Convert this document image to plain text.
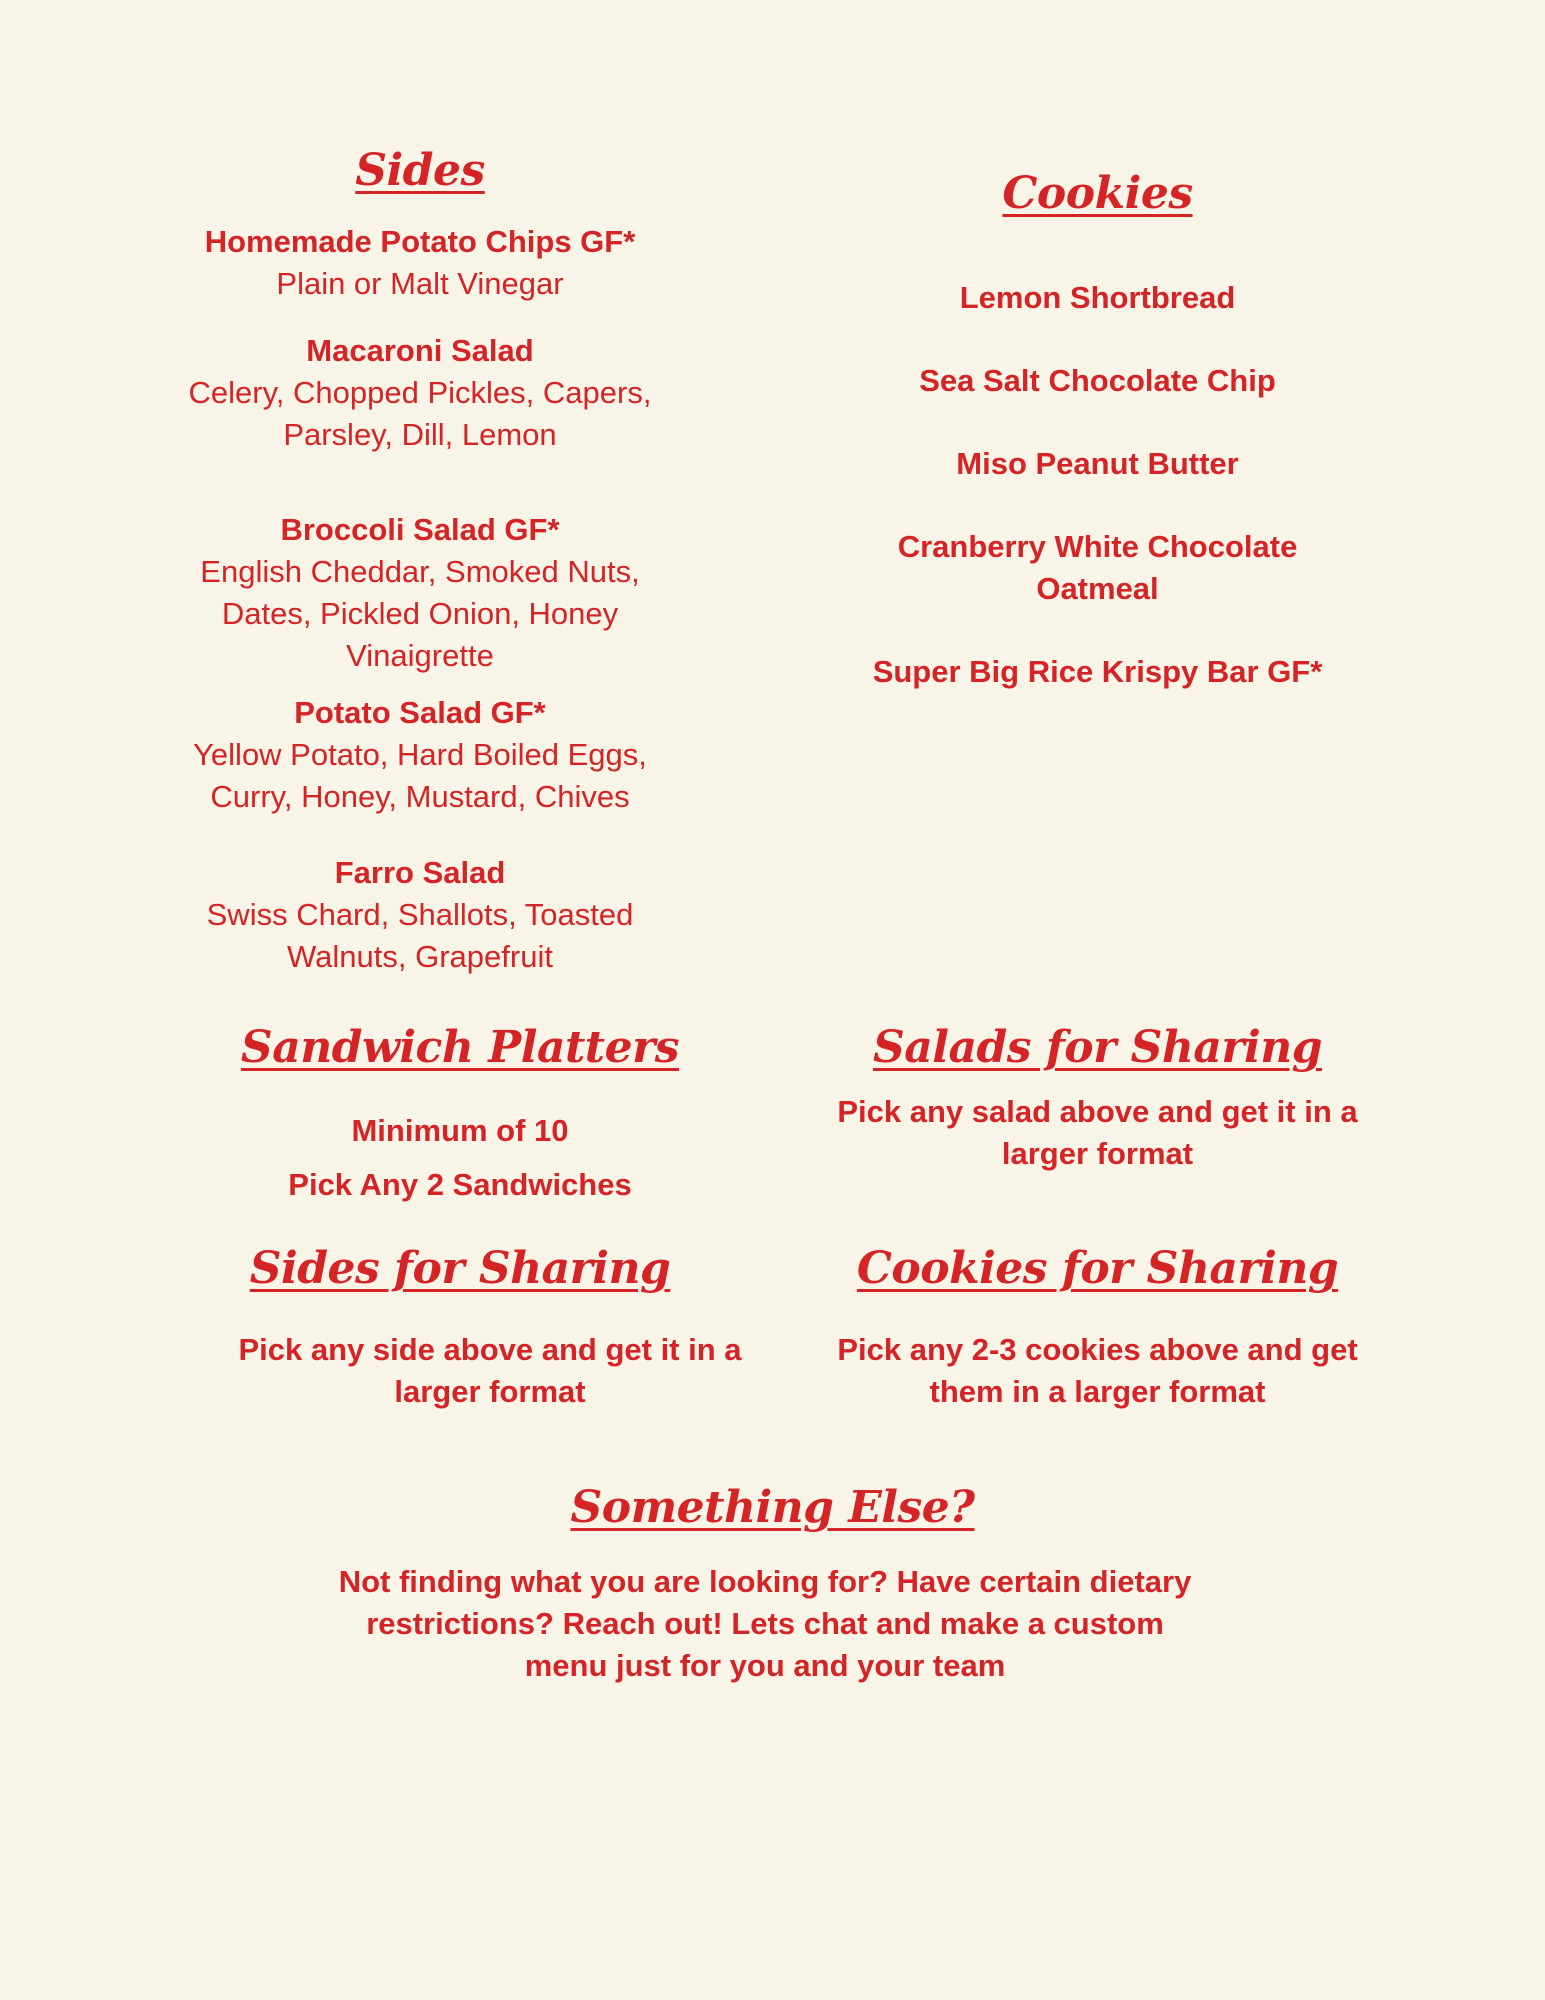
Sides
Homemade Potato Chips GF*
Plain or Malt Vinegar
Macaroni Salad
Celery, Chopped Pickles, Capers, Parsley, Dill, Lemon
Broccoli Salad GF*
English Cheddar, Smoked Nuts, Dates, Pickled Onion, Honey Vinaigrette
Potato Salad GF*
Yellow Potato, Hard Boiled Eggs, Curry, Honey, Mustard, Chives
Farro Salad
Swiss Chard, Shallots, Toasted Walnuts, Grapefruit
Cookies

Lemon Shortbread

Sea Salt Chocolate Chip

Miso Peanut Butter

Cranberry White Chocolate Oatmeal

Super Big Rice Krispy Bar GF*

Sandwich Platters

Minimum of 10

Pick Any 2 Sandwiches

Salads for Sharing

Pick any salad above and get it in a larger format

Sides for Sharing

Pick any side above and get it in a larger format

Cookies for Sharing

Pick any 2-3 cookies above and get them in a larger format

Something Else?

Not finding what you are looking for? Have certain dietary restrictions? Reach out! Lets chat and make a custom menu just for you and your team
